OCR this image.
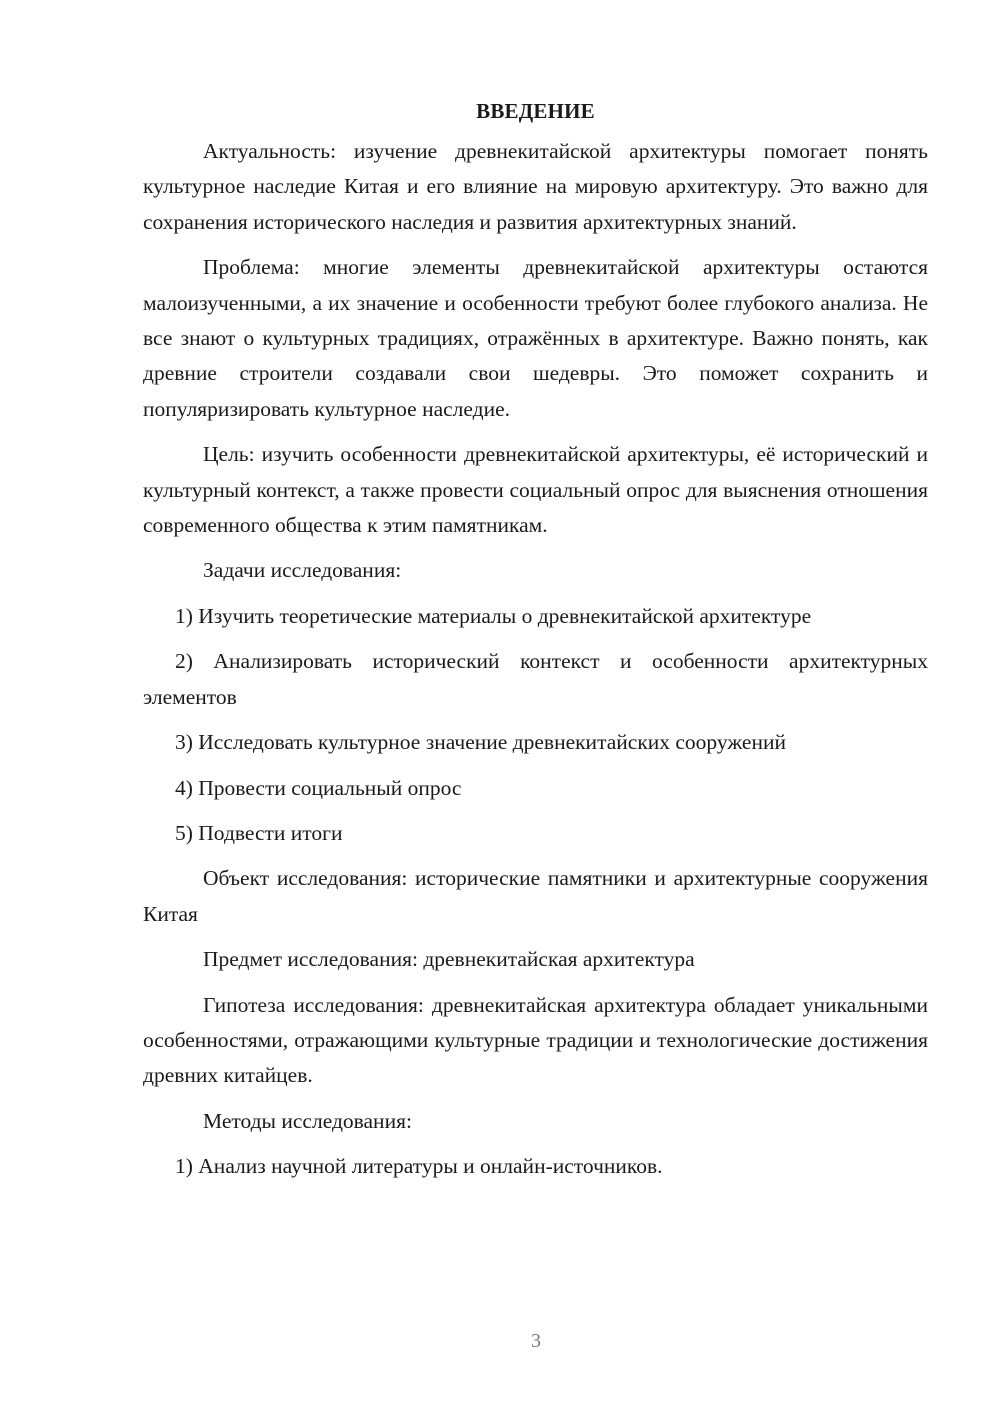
ВВЕДЕНИЕ

Актуальность: изучение древнекитайской архитектуры помогает понять культурное наследие Китая и его влияние на мировую архитектуру. Это важно для сохранения исторического наследия и развития архитектурных знаний.

Проблема: многие элементы древнекитайской архитектуры остаются малоизученными, а их значение и особенности требуют более глубокого анализа. Не все знают о культурных традициях, отражённых в архитектуре. Важно понять, как древние строители создавали свои шедевры. Это поможет сохранить и популяризировать культурное наследие.

Цель: изучить особенности древнекитайской архитектуры, её исторический и культурный контекст, а также провести социальный опрос для выяснения отношения современного общества к этим памятникам.

Задачи исследования:

1) Изучить теоретические материалы о древнекитайской архитектуре

2) Анализировать исторический контекст и особенности архитектурных элементов

3) Исследовать культурное значение древнекитайских сооружений

4) Провести социальный опрос

5) Подвести итоги

Объект исследования: исторические памятники и архитектурные сооружения Китая

Предмет исследования: древнекитайская архитектура

Гипотеза исследования: древнекитайская архитектура обладает уникальными особенностями, отражающими культурные традиции и технологические достижения древних китайцев.

Методы исследования:

1) Анализ научной литературы и онлайн-источников.

3
